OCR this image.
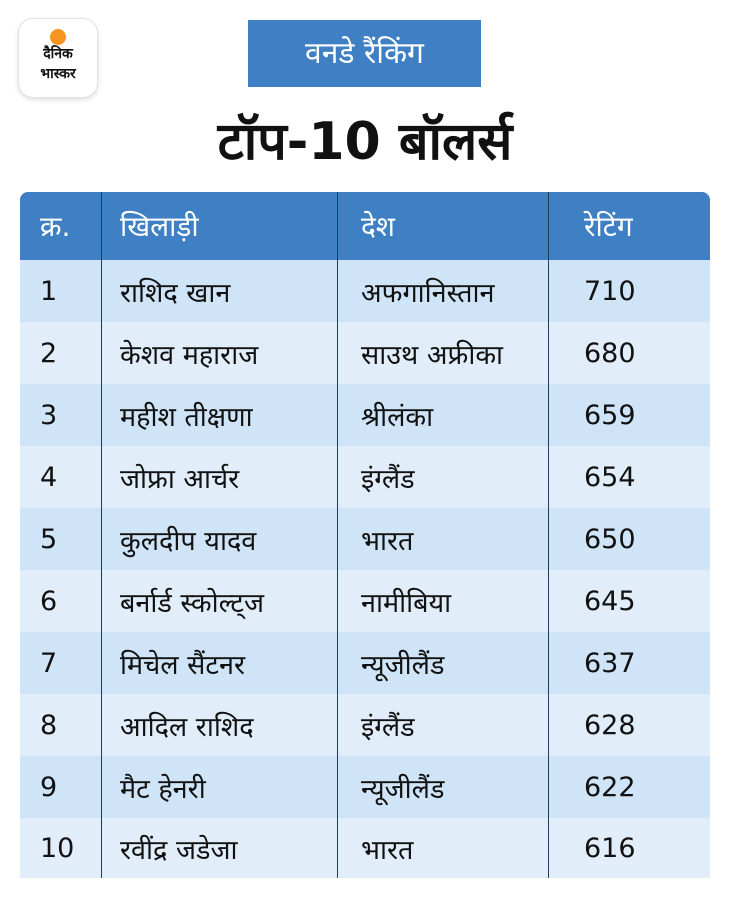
दैनिक
भास्कर
वनडे रैंकिंग
टॉप-10 बॉलर्स
क्र. खिलाड़ी	देश	रेटिंग
1 राशिद खान	अफगानिस्तान	710
2 केशव महाराज	साउथ अफ्रीका	680
3 महीश तीक्षणा	श्रीलंका	659
4 जोफ्रा आर्चर	इंग्लैंड	654
5 कुलदीप यादव	भारत	650
6 बर्नार्ड स्कोल्ट्ज	नामीबिया	645
7 मिचेल सैंटनर	न्यूजीलैंड	637
8 आदिल राशिद	इंग्लैंड	628
9 मैट हेनरी	न्यूजीलैंड	622
10 रवींद्र जडेजा	भारत	616
